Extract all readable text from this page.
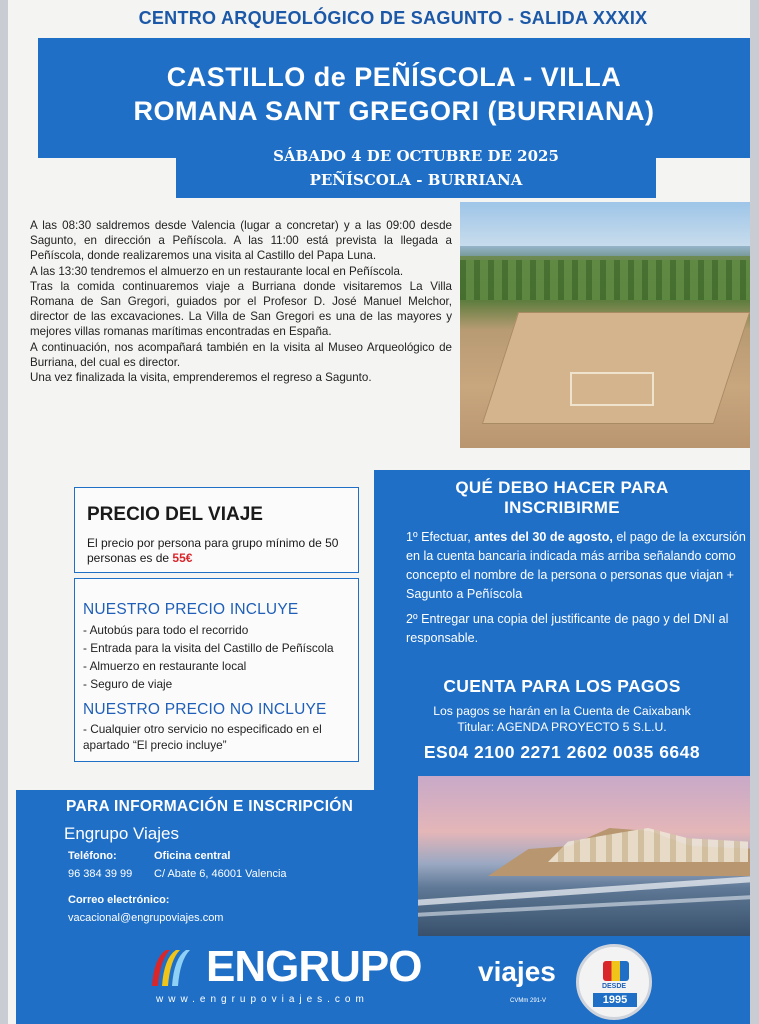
CENTRO ARQUEOLÓGICO DE SAGUNTO - SALIDA XXXIX
CASTILLO de PEÑÍSCOLA - VILLA
ROMANA SANT GREGORI (BURRIANA)
SÁBADO 4 DE OCTUBRE DE 2025
PEÑÍSCOLA - BURRIANA

A las 08:30 saldremos desde Valencia (lugar a concretar) y a las 09:00 desde Sagunto, en dirección a Peñíscola. A las 11:00 está prevista la llegada a Peñíscola, donde realizaremos una visita al Castillo del Papa Luna.

A las 13:30 tendremos el almuerzo en un restaurante local en Peñíscola.

Tras la comida continuaremos viaje a Burriana donde visitaremos La Villa Romana de San Gregori, guiados por el Profesor D. José Manuel Melchor, director de las excavaciones. La Villa de San Gregori es una de las mayores y mejores villas romanas marítimas encontradas en España.

A continuación, nos acompañará también en la visita al Museo Arqueológico de Burriana, del cual es director.

Una vez finalizada la visita, emprenderemos el regreso a Sagunto.

PRECIO DEL VIAJE
El precio por persona para grupo mínimo de 50 personas es de 55€
NUESTRO PRECIO INCLUYE
- Autobús para todo el recorrido
- Entrada para la visita del Castillo de Peñíscola
- Almuerzo en restaurante local
- Seguro de viaje
NUESTRO PRECIO NO INCLUYE
- Cualquier otro servicio no especificado en el apartado “El precio incluye”
QUÉ DEBO HACER PARA
INSCRIBIRME
1º Efectuar, antes del 30 de agosto, el pago de la excursión en la cuenta bancaria indicada más arriba señalando como concepto el nombre de la persona o personas que viajan + Sagunto a Peñíscola
2º Entregar una copia del justificante de pago y del DNI al responsable.
CUENTA PARA LOS PAGOS
Los pagos se harán en la Cuenta de Caixabank
Titular: AGENDA PROYECTO 5 S.L.U.
ES04 2100 2271 2602 0035 6648
PARA INFORMACIÓN E INSCRIPCIÓN
Engrupo Viajes
Teléfono:
96 384 39 99
Oficina central
C/ Abate 6, 46001 Valencia
Correo electrónico:
vacacional@engrupoviajes.com
ENGRUPO viajes
www.engrupoviajes.com	CVMm 291-V
DESDE
1995
